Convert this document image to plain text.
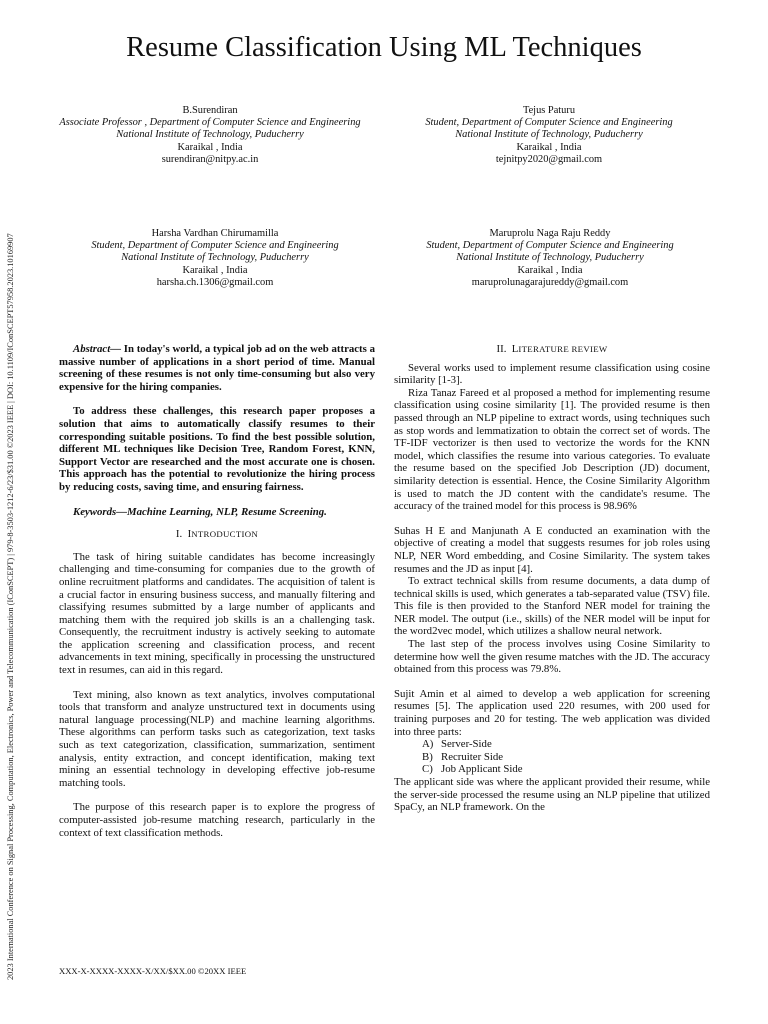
2023 International Conference on Signal Processing, Computation, Electronics, Power and Telecommunication (IConSCEPT) | 979-8-3503-1212-6/23/$31.00 ©2023 IEEE | DOI: 10.1109/IConSCEPT57958.2023.10169907
Resume Classification Using ML Techniques
B.Surendiran
Associate Professor , Department of Computer Science and Engineering
National Institute of Technology, Puducherry
Karaikal , India
surendiran@nitpy.ac.in
Tejus Paturu
Student, Department of Computer Science and Engineering
National Institute of Technology, Puducherry
Karaikal , India
tejnitpy2020@gmail.com
Harsha Vardhan Chirumamilla
Student, Department of Computer Science and Engineering
National Institute of Technology, Puducherry
Karaikal , India
harsha.ch.1306@gmail.com
Maruprolu Naga Raju Reddy
Student, Department of Computer Science and Engineering
National Institute of Technology, Puducherry
Karaikal , India
maruprolunagarajureddy@gmail.com

Abstract— In today's world, a typical job ad on the web attracts a massive number of applications in a short period of time. Manual screening of these resumes is not only time-consuming but also very expensive for the hiring companies.

To address these challenges, this research paper proposes a solution that aims to automatically classify resumes to their corresponding suitable positions. To find the best possible solution, different ML techniques like Decision Tree, Random Forest, KNN, Support Vector are researched and the most accurate one is chosen. This approach has the potential to revolutionize the hiring process by reducing costs, saving time, and ensuring fairness.

Keywords—Machine Learning, NLP, Resume Screening.

I. INTRODUCTION

The task of hiring suitable candidates has become increasingly challenging and time-consuming for companies due to the growth of online recruitment platforms and candidates. The acquisition of talent is a crucial factor in ensuring business success, and manually filtering and classifying resumes submitted by a large number of applicants and matching them with the required job skills is an a challenging task. Consequently, the recruitment industry is actively seeking to automate the application screening and classification process, and recent advancements in text mining, specifically in processing the unstructured text in resumes, can aid in this regard.

Text mining, also known as text analytics, involves computational tools that transform and analyze unstructured text in documents using natural language processing(NLP) and machine learning algorithms. These algorithms can perform tasks such as categorization, text tasks such as text categorization, classification, summarization, sentiment analysis, entity extraction, and concept identification, making text mining an essential technology in developing effective job-resume matching tools.

The purpose of this research paper is to explore the progress of computer-assisted job-resume matching research, particularly in the context of text classification methods.

II. LITERATURE REVIEW

Several works used to implement resume classification using cosine similarity [1-3].

Riza Tanaz Fareed et al proposed a method for implementing resume classification using cosine similarity [1]. The provided resume is then passed through an NLP pipeline to extract words, using techniques such as stop words and lemmatization to obtain the correct set of words. The TF-IDF vectorizer is then used to vectorize the words for the KNN model, which classifies the resume into various categories. To evaluate the resume based on the specified Job Description (JD) document, similarity detection is essential. Hence, the Cosine Similarity Algorithm is used to match the JD content with the candidate's resume. The accuracy of the trained model for this process is 98.96%

Suhas H E and Manjunath A E conducted an examination with the objective of creating a model that suggests resumes for job roles using NLP, NER Word embedding, and Cosine Similarity. The system takes resumes and the JD as input [4].

To extract technical skills from resume documents, a data dump of technical skills is used, which generates a tab-separated value (TSV) file. This file is then provided to the Stanford NER model for training the NER model. The output (i.e., skills) of the NER model will be input for the word2vec model, which utilizes a shallow neural network.

The last step of the process involves using Cosine Similarity to determine how well the given resume matches with the JD. The accuracy obtained from this process was 79.8%.

Sujit Amin et al aimed to develop a web application for screening resumes [5]. The application used 220 resumes, with 200 used for training purposes and 20 for testing. The web application was divided into three parts:

A) Server-Side
B) Recruiter Side
C) Job Applicant Side

The applicant side was where the applicant provided their resume, while the server-side processed the resume using an NLP pipeline that utilized SpaCy, an NLP framework. On the

XXX-X-XXXX-XXXX-X/XX/$XX.00 ©20XX IEEE
